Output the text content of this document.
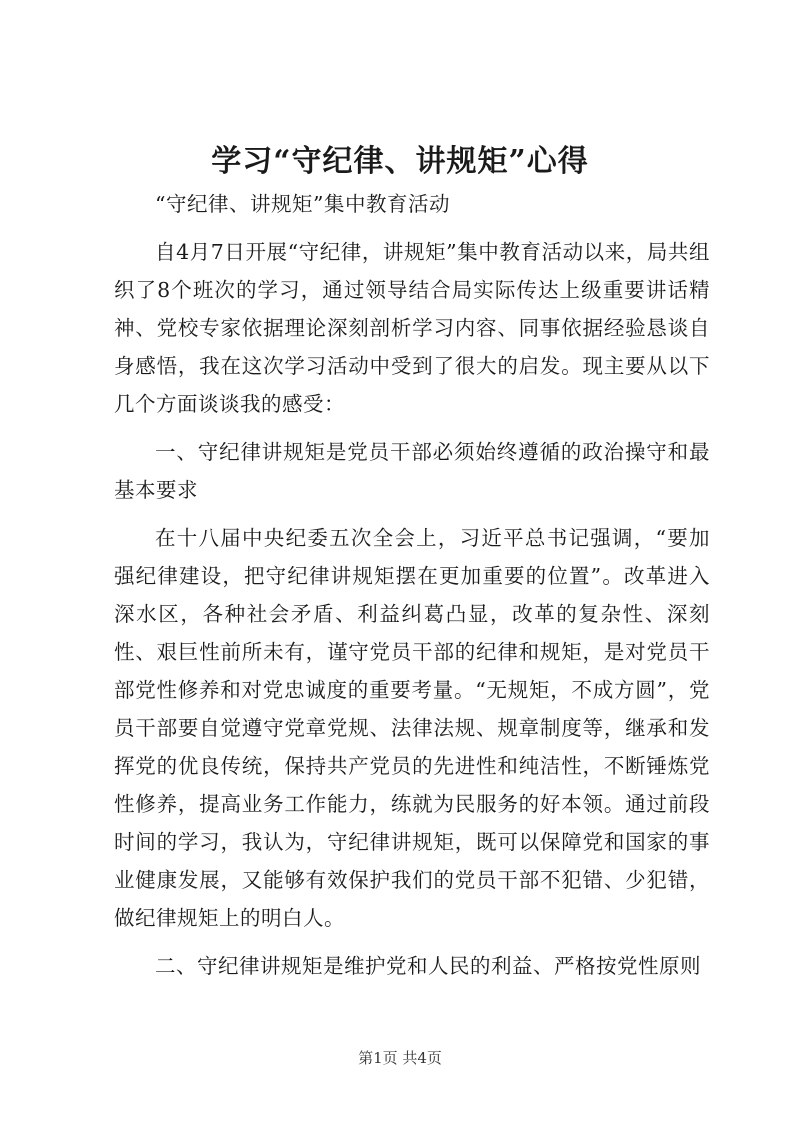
学习“守纪律、讲规矩”心得

“守纪律、讲规矩”集中教育活动

自4月7日开展“守纪律，讲规矩”集中教育活动以来，局共组织了8个班次的学习，通过领导结合局实际传达上级重要讲话精神、党校专家依据理论深刻剖析学习内容、同事依据经验恳谈自身感悟，我在这次学习活动中受到了很大的启发。现主要从以下几个方面谈谈我的感受：

一、守纪律讲规矩是党员干部必须始终遵循的政治操守和最基本要求

在十八届中央纪委五次全会上，习近平总书记强调，“要加强纪律建设，把守纪律讲规矩摆在更加重要的位置”。改革进入深水区，各种社会矛盾、利益纠葛凸显，改革的复杂性、深刻性、艰巨性前所未有，谨守党员干部的纪律和规矩，是对党员干部党性修养和对党忠诚度的重要考量。“无规矩，不成方圆”，党员干部要自觉遵守党章党规、法律法规、规章制度等，继承和发挥党的优良传统，保持共产党员的先进性和纯洁性，不断锤炼党性修养，提高业务工作能力，练就为民服务的好本领。通过前段时间的学习，我认为，守纪律讲规矩，既可以保障党和国家的事业健康发展，又能够有效保护我们的党员干部不犯错、少犯错，做纪律规矩上的明白人。

二、守纪律讲规矩是维护党和人民的利益、严格按党性原则

第1页 共4页
